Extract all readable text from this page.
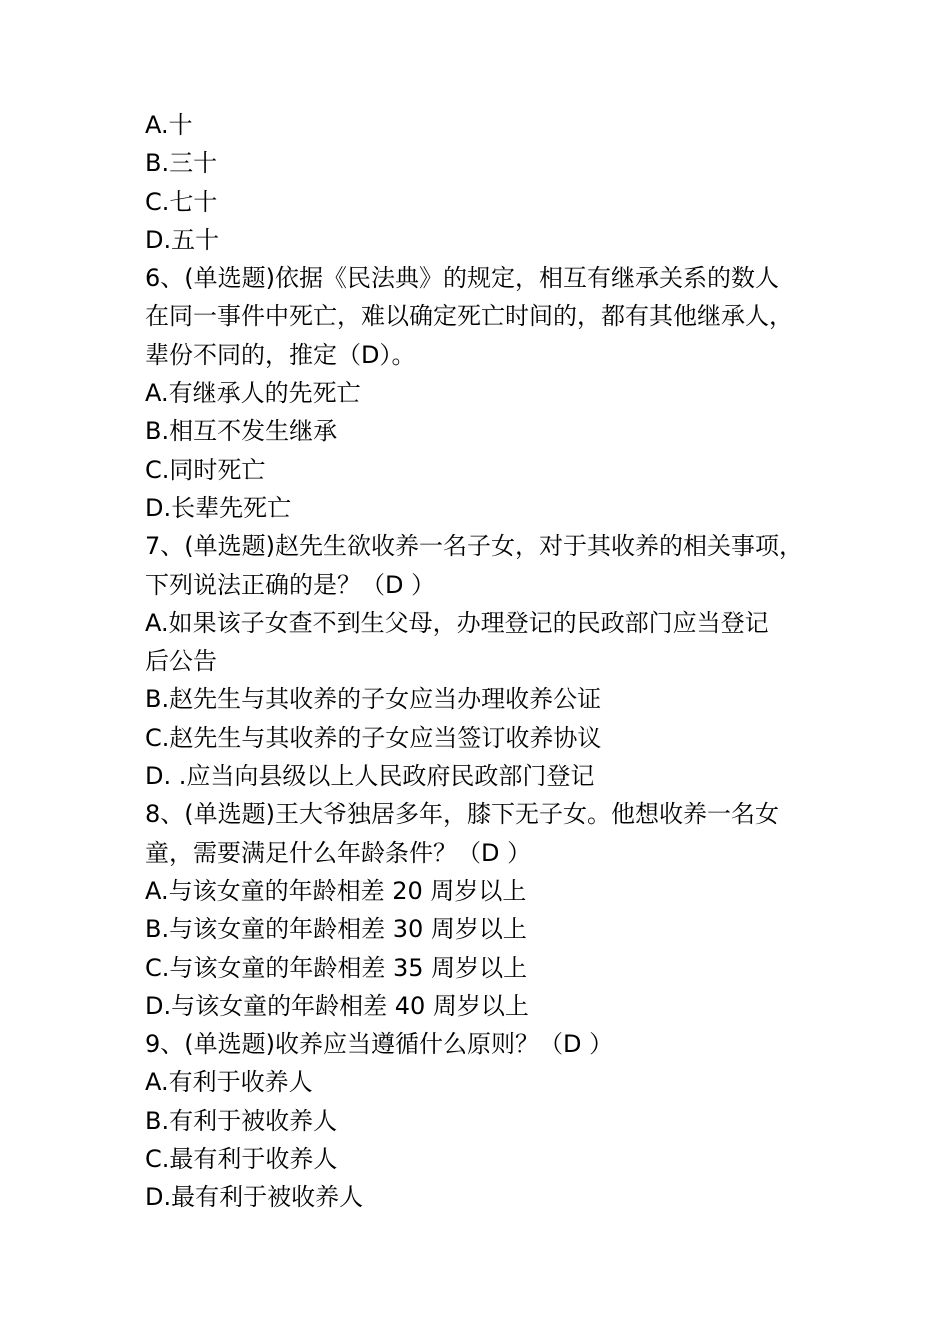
A.十

B.三十

C.七十

D.五十

6、(单选题)依据《民法典》的规定，相互有继承关系的数人

在同一事件中死亡，难以确定死亡时间的，都有其他继承人，

辈份不同的，推定（D）。

A.有继承人的先死亡

B.相互不发生继承

C.同时死亡

D.长辈先死亡

7、(单选题)赵先生欲收养一名子女，对于其收养的相关事项，

下列说法正确的是？（D ）

A.如果该子女查不到生父母，办理登记的民政部门应当登记

后公告

B.赵先生与其收养的子女应当办理收养公证

C.赵先生与其收养的子女应当签订收养协议

D. .应当向县级以上人民政府民政部门登记

8、(单选题)王大爷独居多年，膝下无子女。他想收养一名女

童，需要满足什么年龄条件？（D ）

A.与该女童的年龄相差 20 周岁以上

B.与该女童的年龄相差 30 周岁以上

C.与该女童的年龄相差 35 周岁以上

D.与该女童的年龄相差 40 周岁以上

9、(单选题)收养应当遵循什么原则？（D ）

A.有利于收养人

B.有利于被收养人

C.最有利于收养人

D.最有利于被收养人
